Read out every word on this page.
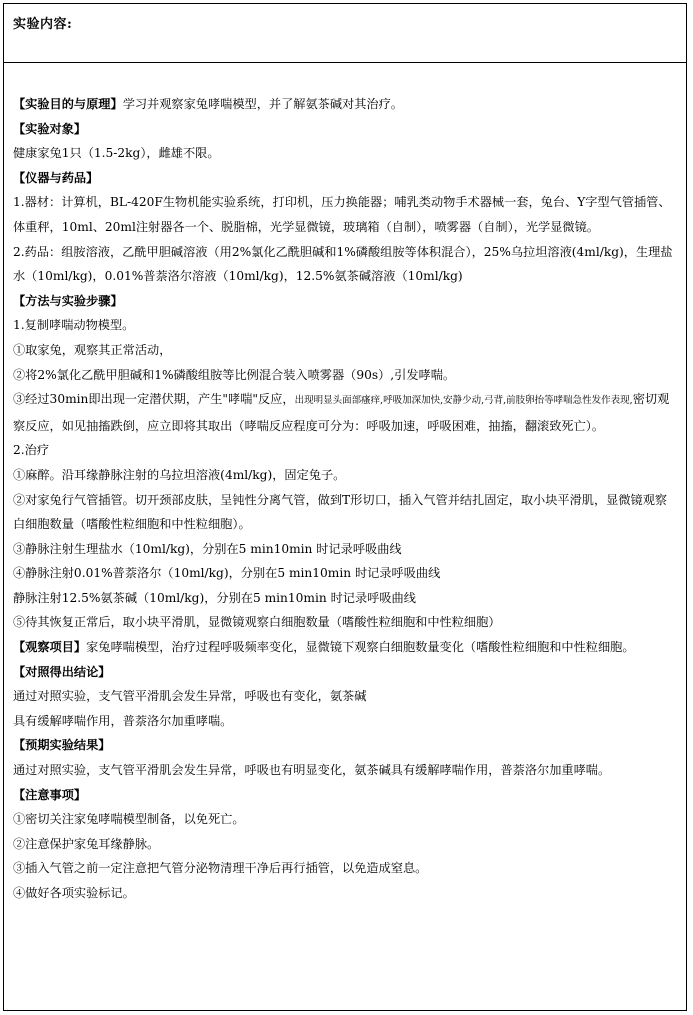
实验内容:

【实验目的与原理】学习并观察家兔哮喘模型，并了解氨茶碱对其治疗。

【实验对象】

健康家兔1只（1.5-2kg），雌雄不限。

【仪器与药品】

1.器材：计算机，BL-420F生物机能实验系统，打印机，压力换能器；哺乳类动物手术器械一套，兔台、Y字型气管插管、体重秤，10ml、20ml注射器各一个、脱脂棉，光学显微镜，玻璃箱（自制），喷雾器（自制），光学显微镜。

2.药品：组胺溶液，乙酰甲胆碱溶液（用2%氯化乙酰胆碱和1%磷酸组胺等体积混合），25%乌拉坦溶液(4ml/kg)，生理盐水（10ml/kg)，0.01%普萘洛尔溶液（10ml/kg)，12.5%氨茶碱溶液（10ml/kg)

【方法与实验步骤】

1.复制哮喘动物模型。

①取家兔，观察其正常活动，

②将2%氯化乙酰甲胆碱和1%磷酸组胺等比例混合装入喷雾器（90s）,引发哮喘。

③经过30min即出现一定潜伏期，产生"哮喘"反应，出现明显头面部瘙痒,呼吸加深加快,安静少动,弓背,前肢卵抬等哮喘急性发作表现,密切观察反应，如见抽搐跌倒，应立即将其取出（哮喘反应程度可分为：呼吸加速，呼吸困难，抽搐，翻滚致死亡）。

2.治疗

①麻醉。沿耳缘静脉注射的乌拉坦溶液(4ml/kg)，固定兔子。

②对家兔行气管插管。切开颈部皮肤，呈钝性分离气管，做到T形切口，插入气管并结扎固定，取小块平滑肌，显微镜观察白细胞数量（嗜酸性粒细胞和中性粒细胞）。

③静脉注射生理盐水（10ml/kg)，分别在5 min10min 时记录呼吸曲线

④静脉注射0.01%普萘洛尔（10ml/kg)，分别在5 min10min 时记录呼吸曲线

静脉注射12.5%氨茶碱（10ml/kg)，分别在5 min10min 时记录呼吸曲线

⑤待其恢复正常后，取小块平滑肌，显微镜观察白细胞数量（嗜酸性粒细胞和中性粒细胞）

【观察项目】家兔哮喘模型，治疗过程呼吸频率变化，显微镜下观察白细胞数量变化（嗜酸性粒细胞和中性粒细胞。

【对照得出结论】

通过对照实验，支气管平滑肌会发生异常，呼吸也有变化，氨茶碱

具有缓解哮喘作用，普萘洛尔加重哮喘。

【预期实验结果】

通过对照实验，支气管平滑肌会发生异常，呼吸也有明显变化，氨茶碱具有缓解哮喘作用，普萘洛尔加重哮喘。

【注意事项】

①密切关注家兔哮喘模型制备，以免死亡。

②注意保护家兔耳缘静脉。

③插入气管之前一定注意把气管分泌物清理干净后再行插管，以免造成窒息。

④做好各项实验标记。
